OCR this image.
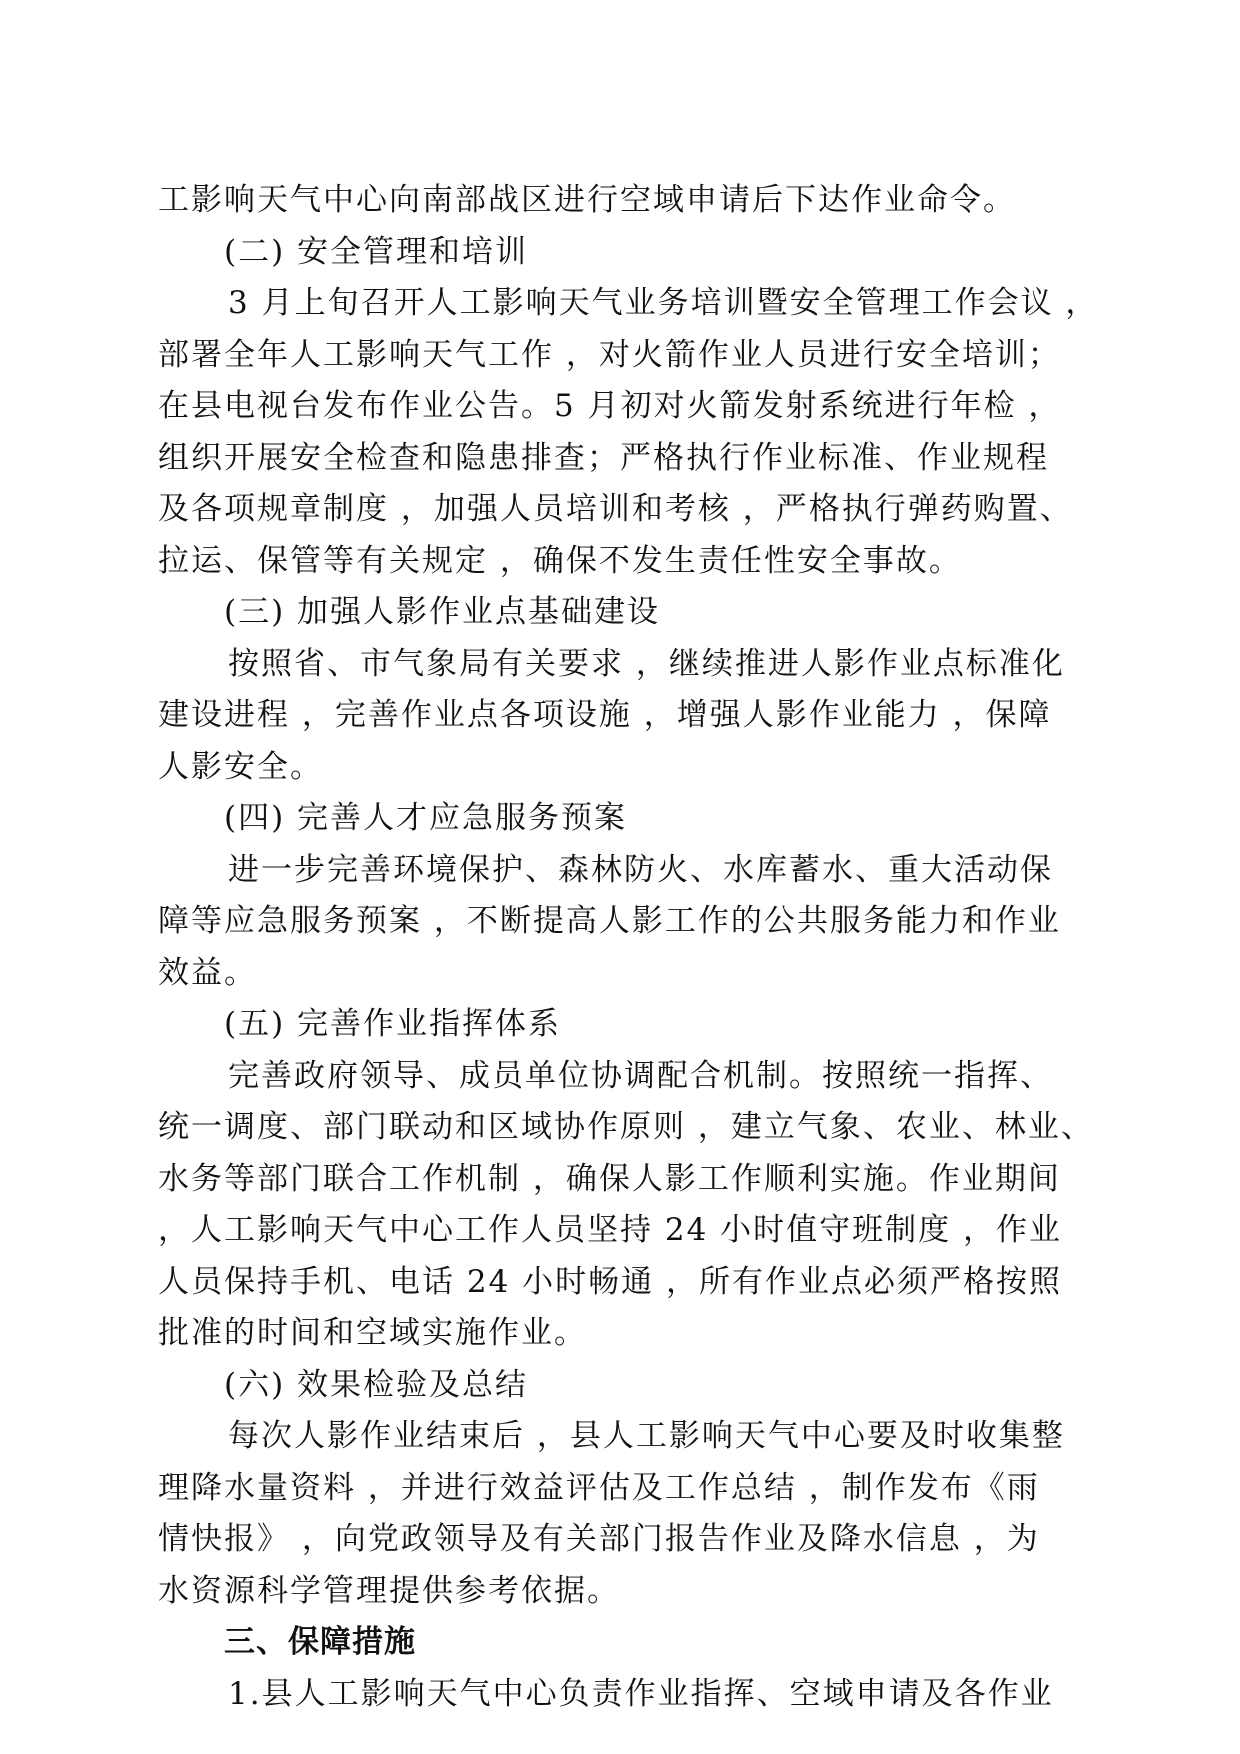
工影响天气中心向南部战区进行空域申请后下达作业命令。
(二) 安全管理和培训
3 月上旬召开人工影响天气业务培训暨安全管理工作会议 ，
部署全年人工影响天气工作 ，对火箭作业人员进行安全培训；
在县电视台发布作业公告。5 月初对火箭发射系统进行年检 ，
组织开展安全检查和隐患排查；严格执行作业标准、作业规程
及各项规章制度 ，加强人员培训和考核 ，严格执行弹药购置、
拉运、保管等有关规定 ，确保不发生责任性安全事故。
(三) 加强人影作业点基础建设
按照省、市气象局有关要求 ，继续推进人影作业点标准化
建设进程 ，完善作业点各项设施 ，增强人影作业能力 ，保障
人影安全。
(四) 完善人才应急服务预案
进一步完善环境保护、森林防火、水库蓄水、重大活动保
障等应急服务预案 ，不断提高人影工作的公共服务能力和作业
效益。
(五) 完善作业指挥体系
完善政府领导、成员单位协调配合机制。按照统一指挥、
统一调度、部门联动和区域协作原则 ，建立气象、农业、林业、
水务等部门联合工作机制 ，确保人影工作顺利实施。作业期间
，人工影响天气中心工作人员坚持 24 小时值守班制度 ，作业
人员保持手机、电话 24 小时畅通 ，所有作业点必须严格按照
批准的时间和空域实施作业。
(六) 效果检验及总结
每次人影作业结束后 ，县人工影响天气中心要及时收集整
理降水量资料 ，并进行效益评估及工作总结 ，制作发布《雨
情快报》 ，向党政领导及有关部门报告作业及降水信息 ，为
水资源科学管理提供参考依据。
三、保障措施
1.县人工影响天气中心负责作业指挥、空域申请及各作业
